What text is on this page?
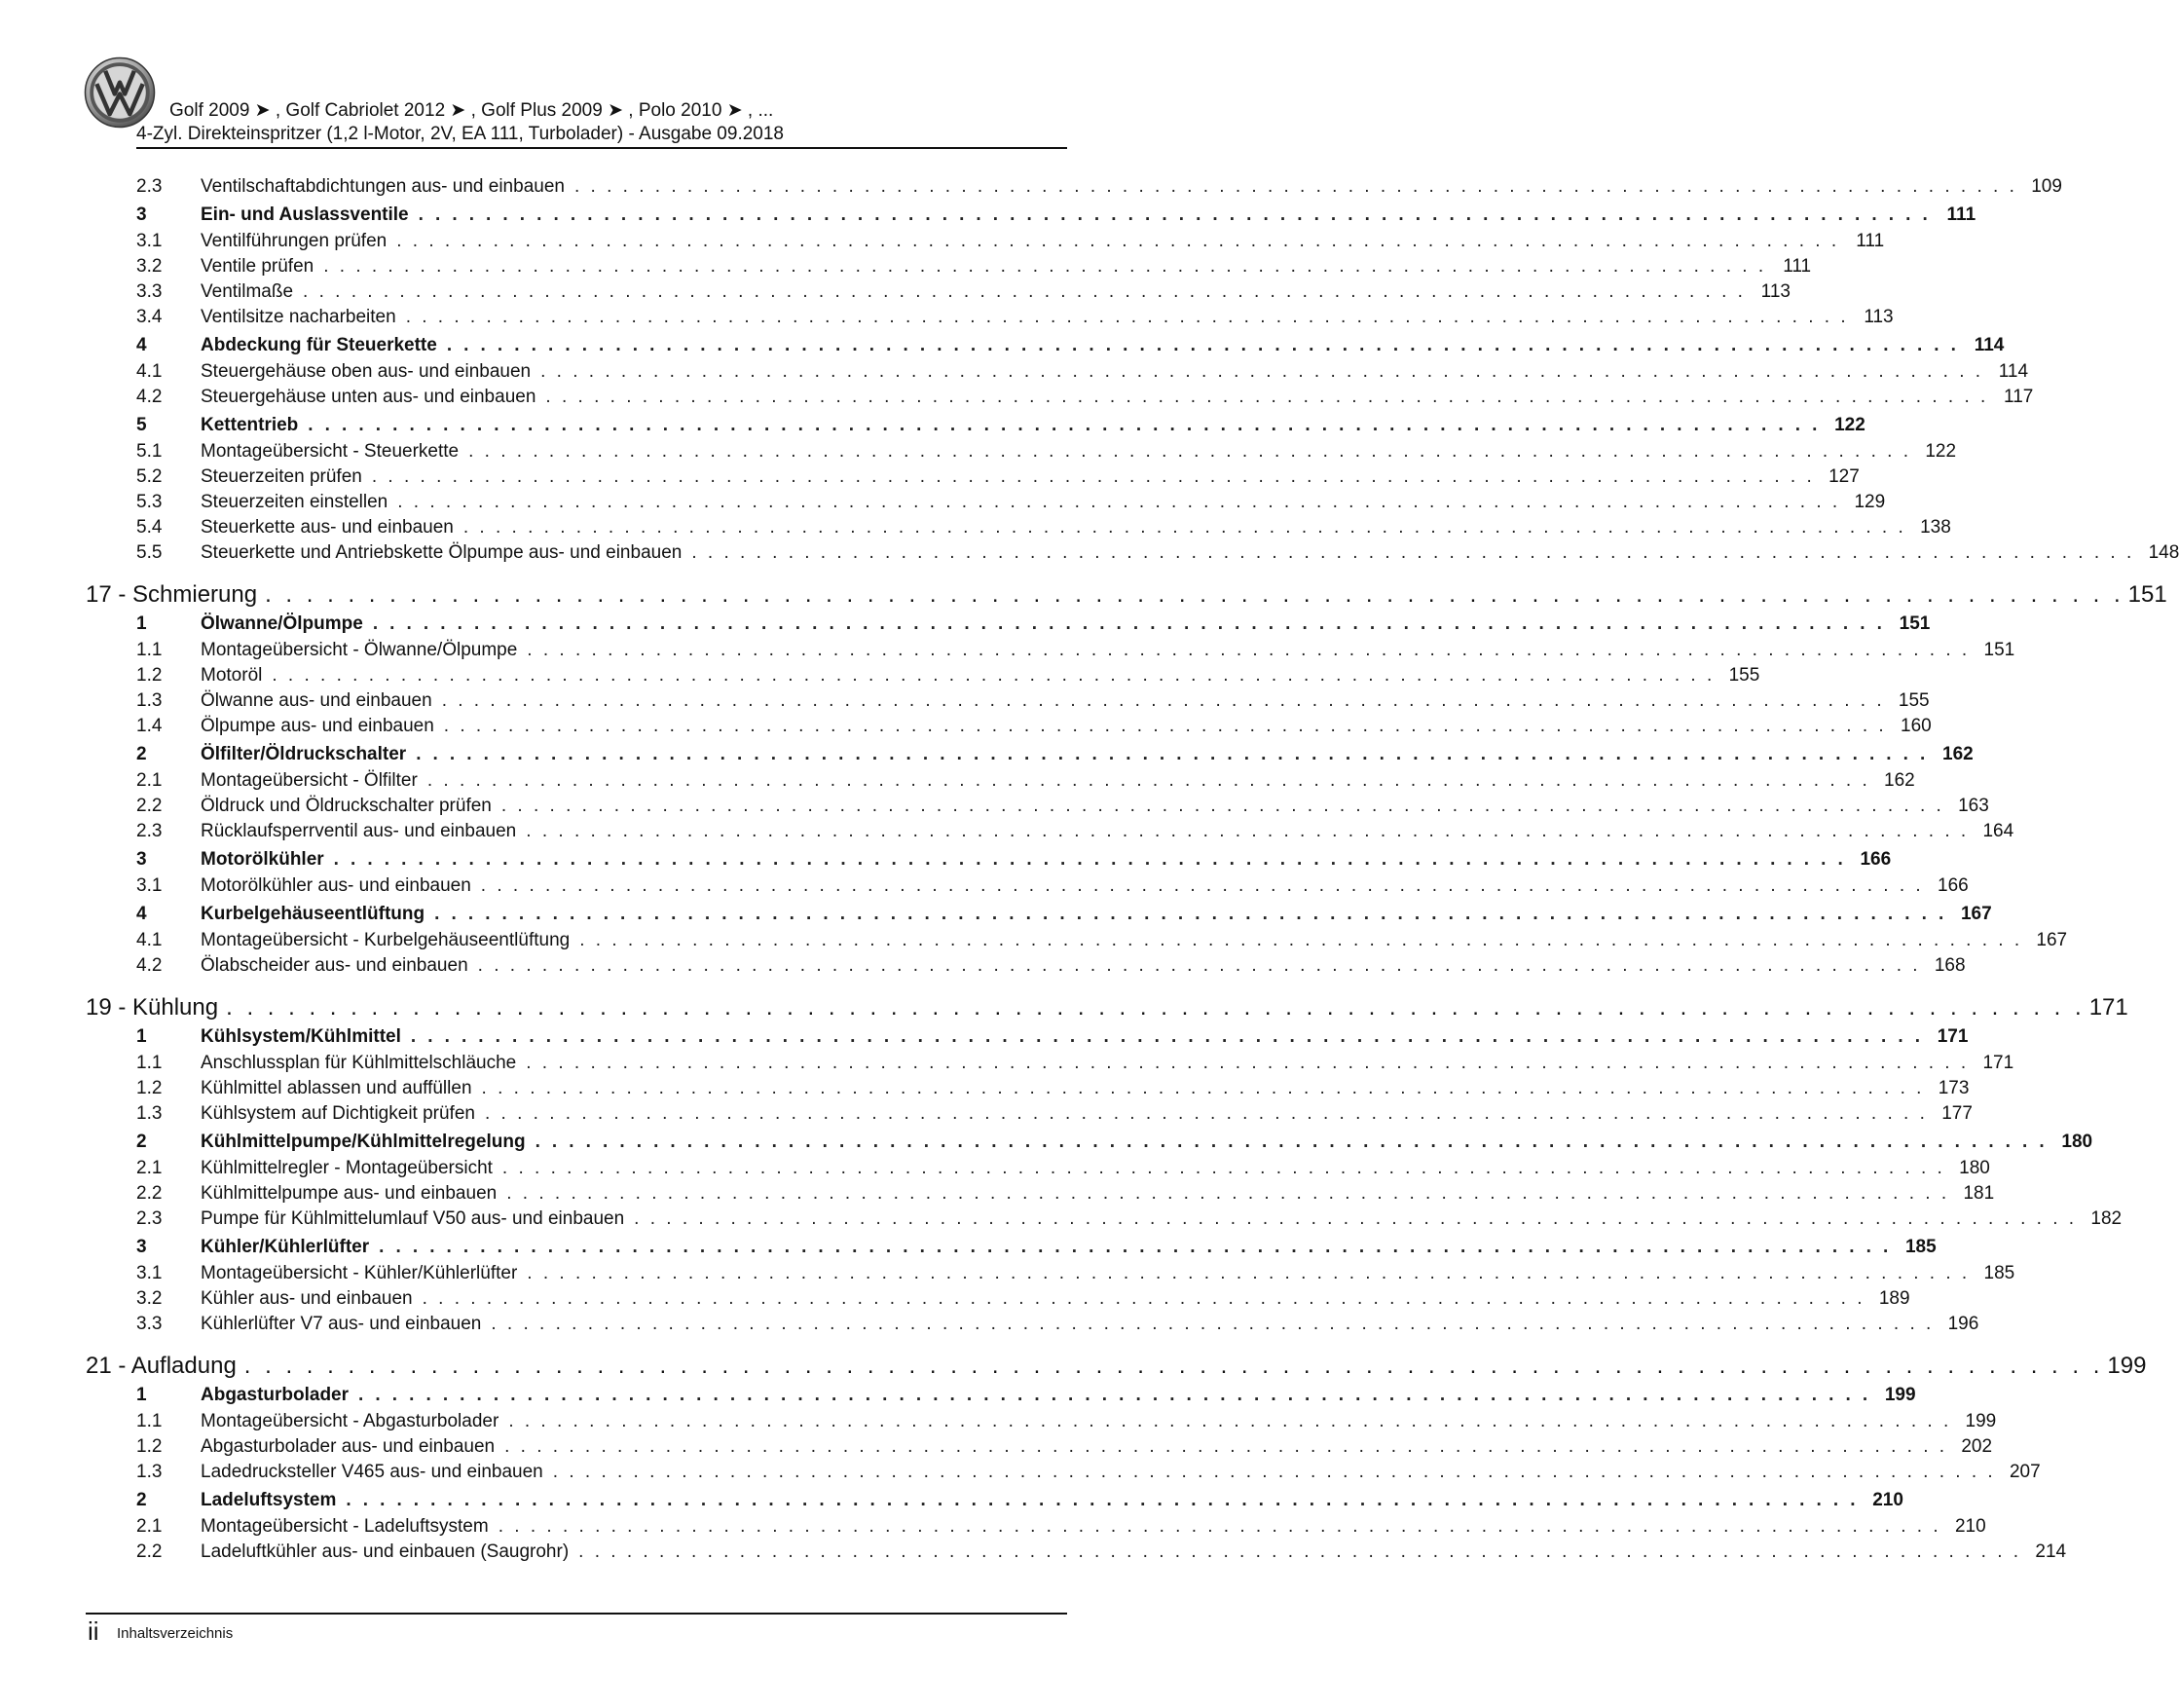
Golf 2009 ➤ , Golf Cabriolet 2012 ➤ , Golf Plus 2009 ➤ , Polo 2010 ➤ , ...
4-Zyl. Direkteinspritzer (1,2 l-Motor, 2V, EA 111, Turbolader) - Ausgabe 09.2018
2.3	Ventilschaftabdichtungen aus- und einbauen . . . . . . . . . . . . . . . . . . . . . . . . . . . . . . . . . . . . . . . . . . . . . . . . . . . . . . . . . . . . . . . . . . . . . . . . . . . . . . . . . . . . . . . . . . 109
3	Ein- und Auslassventile . . . . . . . . . . . . . . . . . . . . . . . . . . . . . . . . . . . . . . . . . . . . . . . . . . . . . . . . . . . . . . . . . . . . . . . . . . . . . . . . . . . . . . . . . . 111
3.1	Ventilführungen prüfen . . . . . . . . . . . . . . . . . . . . . . . . . . . . . . . . . . . . . . . . . . . . . . . . . . . . . . . . . . . . . . . . . . . . . . . . . . . . . . . . . . . . . . . . . . 111
3.2	Ventile prüfen . . . . . . . . . . . . . . . . . . . . . . . . . . . . . . . . . . . . . . . . . . . . . . . . . . . . . . . . . . . . . . . . . . . . . . . . . . . . . . . . . . . . . . . . . . 111
3.3	Ventilmaße . . . . . . . . . . . . . . . . . . . . . . . . . . . . . . . . . . . . . . . . . . . . . . . . . . . . . . . . . . . . . . . . . . . . . . . . . . . . . . . . . . . . . . . . . . 113
3.4	Ventilsitze nacharbeiten . . . . . . . . . . . . . . . . . . . . . . . . . . . . . . . . . . . . . . . . . . . . . . . . . . . . . . . . . . . . . . . . . . . . . . . . . . . . . . . . . . . . . . . . . . 113
4	Abdeckung für Steuerkette . . . . . . . . . . . . . . . . . . . . . . . . . . . . . . . . . . . . . . . . . . . . . . . . . . . . . . . . . . . . . . . . . . . . . . . . . . . . . . . . . . . . . . . . . . 114
4.1	Steuergehäuse oben aus- und einbauen . . . . . . . . . . . . . . . . . . . . . . . . . . . . . . . . . . . . . . . . . . . . . . . . . . . . . . . . . . . . . . . . . . . . . . . . . . . . . . . . . . . . . . . . . . 114
4.2	Steuergehäuse unten aus- und einbauen . . . . . . . . . . . . . . . . . . . . . . . . . . . . . . . . . . . . . . . . . . . . . . . . . . . . . . . . . . . . . . . . . . . . . . . . . . . . . . . . . . . . . . . . . . 117
5	Kettentrieb . . . . . . . . . . . . . . . . . . . . . . . . . . . . . . . . . . . . . . . . . . . . . . . . . . . . . . . . . . . . . . . . . . . . . . . . . . . . . . . . . . . . . . . . . . 122
5.1	Montageübersicht - Steuerkette . . . . . . . . . . . . . . . . . . . . . . . . . . . . . . . . . . . . . . . . . . . . . . . . . . . . . . . . . . . . . . . . . . . . . . . . . . . . . . . . . . . . . . . . . . 122
5.2	Steuerzeiten prüfen . . . . . . . . . . . . . . . . . . . . . . . . . . . . . . . . . . . . . . . . . . . . . . . . . . . . . . . . . . . . . . . . . . . . . . . . . . . . . . . . . . . . . . . . . . 127
5.3	Steuerzeiten einstellen . . . . . . . . . . . . . . . . . . . . . . . . . . . . . . . . . . . . . . . . . . . . . . . . . . . . . . . . . . . . . . . . . . . . . . . . . . . . . . . . . . . . . . . . . . 129
5.4	Steuerkette aus- und einbauen . . . . . . . . . . . . . . . . . . . . . . . . . . . . . . . . . . . . . . . . . . . . . . . . . . . . . . . . . . . . . . . . . . . . . . . . . . . . . . . . . . . . . . . . . . 138
5.5	Steuerkette und Antriebskette Ölpumpe aus- und einbauen . . . . . . . . . . . . . . . . . . . . . . . . . . . . . . . . . . . . . . . . . . . . . . . . . . . . . . . . . . . . . . . . . . . . . . . . . . . . . . . . . . . . . . . . . . 148
17 - Schmierung . . . . . . . . . . . . . . . . . . . . . . . . . . . . . . . . . . . . . . . . . . . . . . . . . . . . . . . . . . . . . . . . . . . . . . . . . . . . . . . . . . . . . . . . . . 151
1	Ölwanne/Ölpumpe . . . . . . . . . . . . . . . . . . . . . . . . . . . . . . . . . . . . . . . . . . . . . . . . . . . . . . . . . . . . . . . . . . . . . . . . . . . . . . . . . . . . . . . . . . 151
1.1	Montageübersicht - Ölwanne/Ölpumpe . . . . . . . . . . . . . . . . . . . . . . . . . . . . . . . . . . . . . . . . . . . . . . . . . . . . . . . . . . . . . . . . . . . . . . . . . . . . . . . . . . . . . . . . . . 151
1.2	Motoröl . . . . . . . . . . . . . . . . . . . . . . . . . . . . . . . . . . . . . . . . . . . . . . . . . . . . . . . . . . . . . . . . . . . . . . . . . . . . . . . . . . . . . . . . . . 155
1.3	Ölwanne aus- und einbauen . . . . . . . . . . . . . . . . . . . . . . . . . . . . . . . . . . . . . . . . . . . . . . . . . . . . . . . . . . . . . . . . . . . . . . . . . . . . . . . . . . . . . . . . . . 155
1.4	Ölpumpe aus- und einbauen . . . . . . . . . . . . . . . . . . . . . . . . . . . . . . . . . . . . . . . . . . . . . . . . . . . . . . . . . . . . . . . . . . . . . . . . . . . . . . . . . . . . . . . . . . 160
2	Ölfilter/Öldruckschalter . . . . . . . . . . . . . . . . . . . . . . . . . . . . . . . . . . . . . . . . . . . . . . . . . . . . . . . . . . . . . . . . . . . . . . . . . . . . . . . . . . . . . . . . . . 162
2.1	Montageübersicht - Ölfilter . . . . . . . . . . . . . . . . . . . . . . . . . . . . . . . . . . . . . . . . . . . . . . . . . . . . . . . . . . . . . . . . . . . . . . . . . . . . . . . . . . . . . . . . . . 162
2.2	Öldruck und Öldruckschalter prüfen . . . . . . . . . . . . . . . . . . . . . . . . . . . . . . . . . . . . . . . . . . . . . . . . . . . . . . . . . . . . . . . . . . . . . . . . . . . . . . . . . . . . . . . . . . 163
2.3	Rücklaufsperrventil aus- und einbauen . . . . . . . . . . . . . . . . . . . . . . . . . . . . . . . . . . . . . . . . . . . . . . . . . . . . . . . . . . . . . . . . . . . . . . . . . . . . . . . . . . . . . . . . . . 164
3	Motorölkühler . . . . . . . . . . . . . . . . . . . . . . . . . . . . . . . . . . . . . . . . . . . . . . . . . . . . . . . . . . . . . . . . . . . . . . . . . . . . . . . . . . . . . . . . . . 166
3.1	Motorölkühler aus- und einbauen . . . . . . . . . . . . . . . . . . . . . . . . . . . . . . . . . . . . . . . . . . . . . . . . . . . . . . . . . . . . . . . . . . . . . . . . . . . . . . . . . . . . . . . . . . 166
4	Kurbelgehäuseentlüftung . . . . . . . . . . . . . . . . . . . . . . . . . . . . . . . . . . . . . . . . . . . . . . . . . . . . . . . . . . . . . . . . . . . . . . . . . . . . . . . . . . . . . . . . . . 167
4.1	Montageübersicht - Kurbelgehäuseentlüftung . . . . . . . . . . . . . . . . . . . . . . . . . . . . . . . . . . . . . . . . . . . . . . . . . . . . . . . . . . . . . . . . . . . . . . . . . . . . . . . . . . . . . . . . . . 167
4.2	Ölabscheider aus- und einbauen . . . . . . . . . . . . . . . . . . . . . . . . . . . . . . . . . . . . . . . . . . . . . . . . . . . . . . . . . . . . . . . . . . . . . . . . . . . . . . . . . . . . . . . . . . 168
19 - Kühlung . . . . . . . . . . . . . . . . . . . . . . . . . . . . . . . . . . . . . . . . . . . . . . . . . . . . . . . . . . . . . . . . . . . . . . . . . . . . . . . . . . . . . . . . . . 171
1	Kühlsystem/Kühlmittel . . . . . . . . . . . . . . . . . . . . . . . . . . . . . . . . . . . . . . . . . . . . . . . . . . . . . . . . . . . . . . . . . . . . . . . . . . . . . . . . . . . . . . . . . . 171
1.1	Anschlussplan für Kühlmittelschläuche . . . . . . . . . . . . . . . . . . . . . . . . . . . . . . . . . . . . . . . . . . . . . . . . . . . . . . . . . . . . . . . . . . . . . . . . . . . . . . . . . . . . . . . . . . 171
1.2	Kühlmittel ablassen und auffüllen . . . . . . . . . . . . . . . . . . . . . . . . . . . . . . . . . . . . . . . . . . . . . . . . . . . . . . . . . . . . . . . . . . . . . . . . . . . . . . . . . . . . . . . . . . 173
1.3	Kühlsystem auf Dichtigkeit prüfen . . . . . . . . . . . . . . . . . . . . . . . . . . . . . . . . . . . . . . . . . . . . . . . . . . . . . . . . . . . . . . . . . . . . . . . . . . . . . . . . . . . . . . . . . . 177
2	Kühlmittelpumpe/Kühlmittelregelung . . . . . . . . . . . . . . . . . . . . . . . . . . . . . . . . . . . . . . . . . . . . . . . . . . . . . . . . . . . . . . . . . . . . . . . . . . . . . . . . . . . . . . . . . . 180
2.1	Kühlmittelregler - Montageübersicht . . . . . . . . . . . . . . . . . . . . . . . . . . . . . . . . . . . . . . . . . . . . . . . . . . . . . . . . . . . . . . . . . . . . . . . . . . . . . . . . . . . . . . . . . . 180
2.2	Kühlmittelpumpe aus- und einbauen . . . . . . . . . . . . . . . . . . . . . . . . . . . . . . . . . . . . . . . . . . . . . . . . . . . . . . . . . . . . . . . . . . . . . . . . . . . . . . . . . . . . . . . . . . 181
2.3	Pumpe für Kühlmittelumlauf V50 aus- und einbauen . . . . . . . . . . . . . . . . . . . . . . . . . . . . . . . . . . . . . . . . . . . . . . . . . . . . . . . . . . . . . . . . . . . . . . . . . . . . . . . . . . . . . . . . . . 182
3	Kühler/Kühlerlüfter . . . . . . . . . . . . . . . . . . . . . . . . . . . . . . . . . . . . . . . . . . . . . . . . . . . . . . . . . . . . . . . . . . . . . . . . . . . . . . . . . . . . . . . . . . 185
3.1	Montageübersicht - Kühler/Kühlerlüfter . . . . . . . . . . . . . . . . . . . . . . . . . . . . . . . . . . . . . . . . . . . . . . . . . . . . . . . . . . . . . . . . . . . . . . . . . . . . . . . . . . . . . . . . . . 185
3.2	Kühler aus- und einbauen . . . . . . . . . . . . . . . . . . . . . . . . . . . . . . . . . . . . . . . . . . . . . . . . . . . . . . . . . . . . . . . . . . . . . . . . . . . . . . . . . . . . . . . . . . 189
3.3	Kühlerlüfter V7 aus- und einbauen . . . . . . . . . . . . . . . . . . . . . . . . . . . . . . . . . . . . . . . . . . . . . . . . . . . . . . . . . . . . . . . . . . . . . . . . . . . . . . . . . . . . . . . . . . 196
21 - Aufladung . . . . . . . . . . . . . . . . . . . . . . . . . . . . . . . . . . . . . . . . . . . . . . . . . . . . . . . . . . . . . . . . . . . . . . . . . . . . . . . . . . . . . . . . . . 199
1	Abgasturbolader . . . . . . . . . . . . . . . . . . . . . . . . . . . . . . . . . . . . . . . . . . . . . . . . . . . . . . . . . . . . . . . . . . . . . . . . . . . . . . . . . . . . . . . . . . 199
1.1	Montageübersicht - Abgasturbolader . . . . . . . . . . . . . . . . . . . . . . . . . . . . . . . . . . . . . . . . . . . . . . . . . . . . . . . . . . . . . . . . . . . . . . . . . . . . . . . . . . . . . . . . . . 199
1.2	Abgasturbolader aus- und einbauen . . . . . . . . . . . . . . . . . . . . . . . . . . . . . . . . . . . . . . . . . . . . . . . . . . . . . . . . . . . . . . . . . . . . . . . . . . . . . . . . . . . . . . . . . . 202
1.3	Ladedrucksteller V465 aus- und einbauen . . . . . . . . . . . . . . . . . . . . . . . . . . . . . . . . . . . . . . . . . . . . . . . . . . . . . . . . . . . . . . . . . . . . . . . . . . . . . . . . . . . . . . . . . . 207
2	Ladeluftsystem . . . . . . . . . . . . . . . . . . . . . . . . . . . . . . . . . . . . . . . . . . . . . . . . . . . . . . . . . . . . . . . . . . . . . . . . . . . . . . . . . . . . . . . . . . 210
2.1	Montageübersicht - Ladeluftsystem . . . . . . . . . . . . . . . . . . . . . . . . . . . . . . . . . . . . . . . . . . . . . . . . . . . . . . . . . . . . . . . . . . . . . . . . . . . . . . . . . . . . . . . . . . 210
2.2	Ladeluftkühler aus- und einbauen (Saugrohr) . . . . . . . . . . . . . . . . . . . . . . . . . . . . . . . . . . . . . . . . . . . . . . . . . . . . . . . . . . . . . . . . . . . . . . . . . . . . . . . . . . . . . . . . . . 214
ii Inhaltsverzeichnis
